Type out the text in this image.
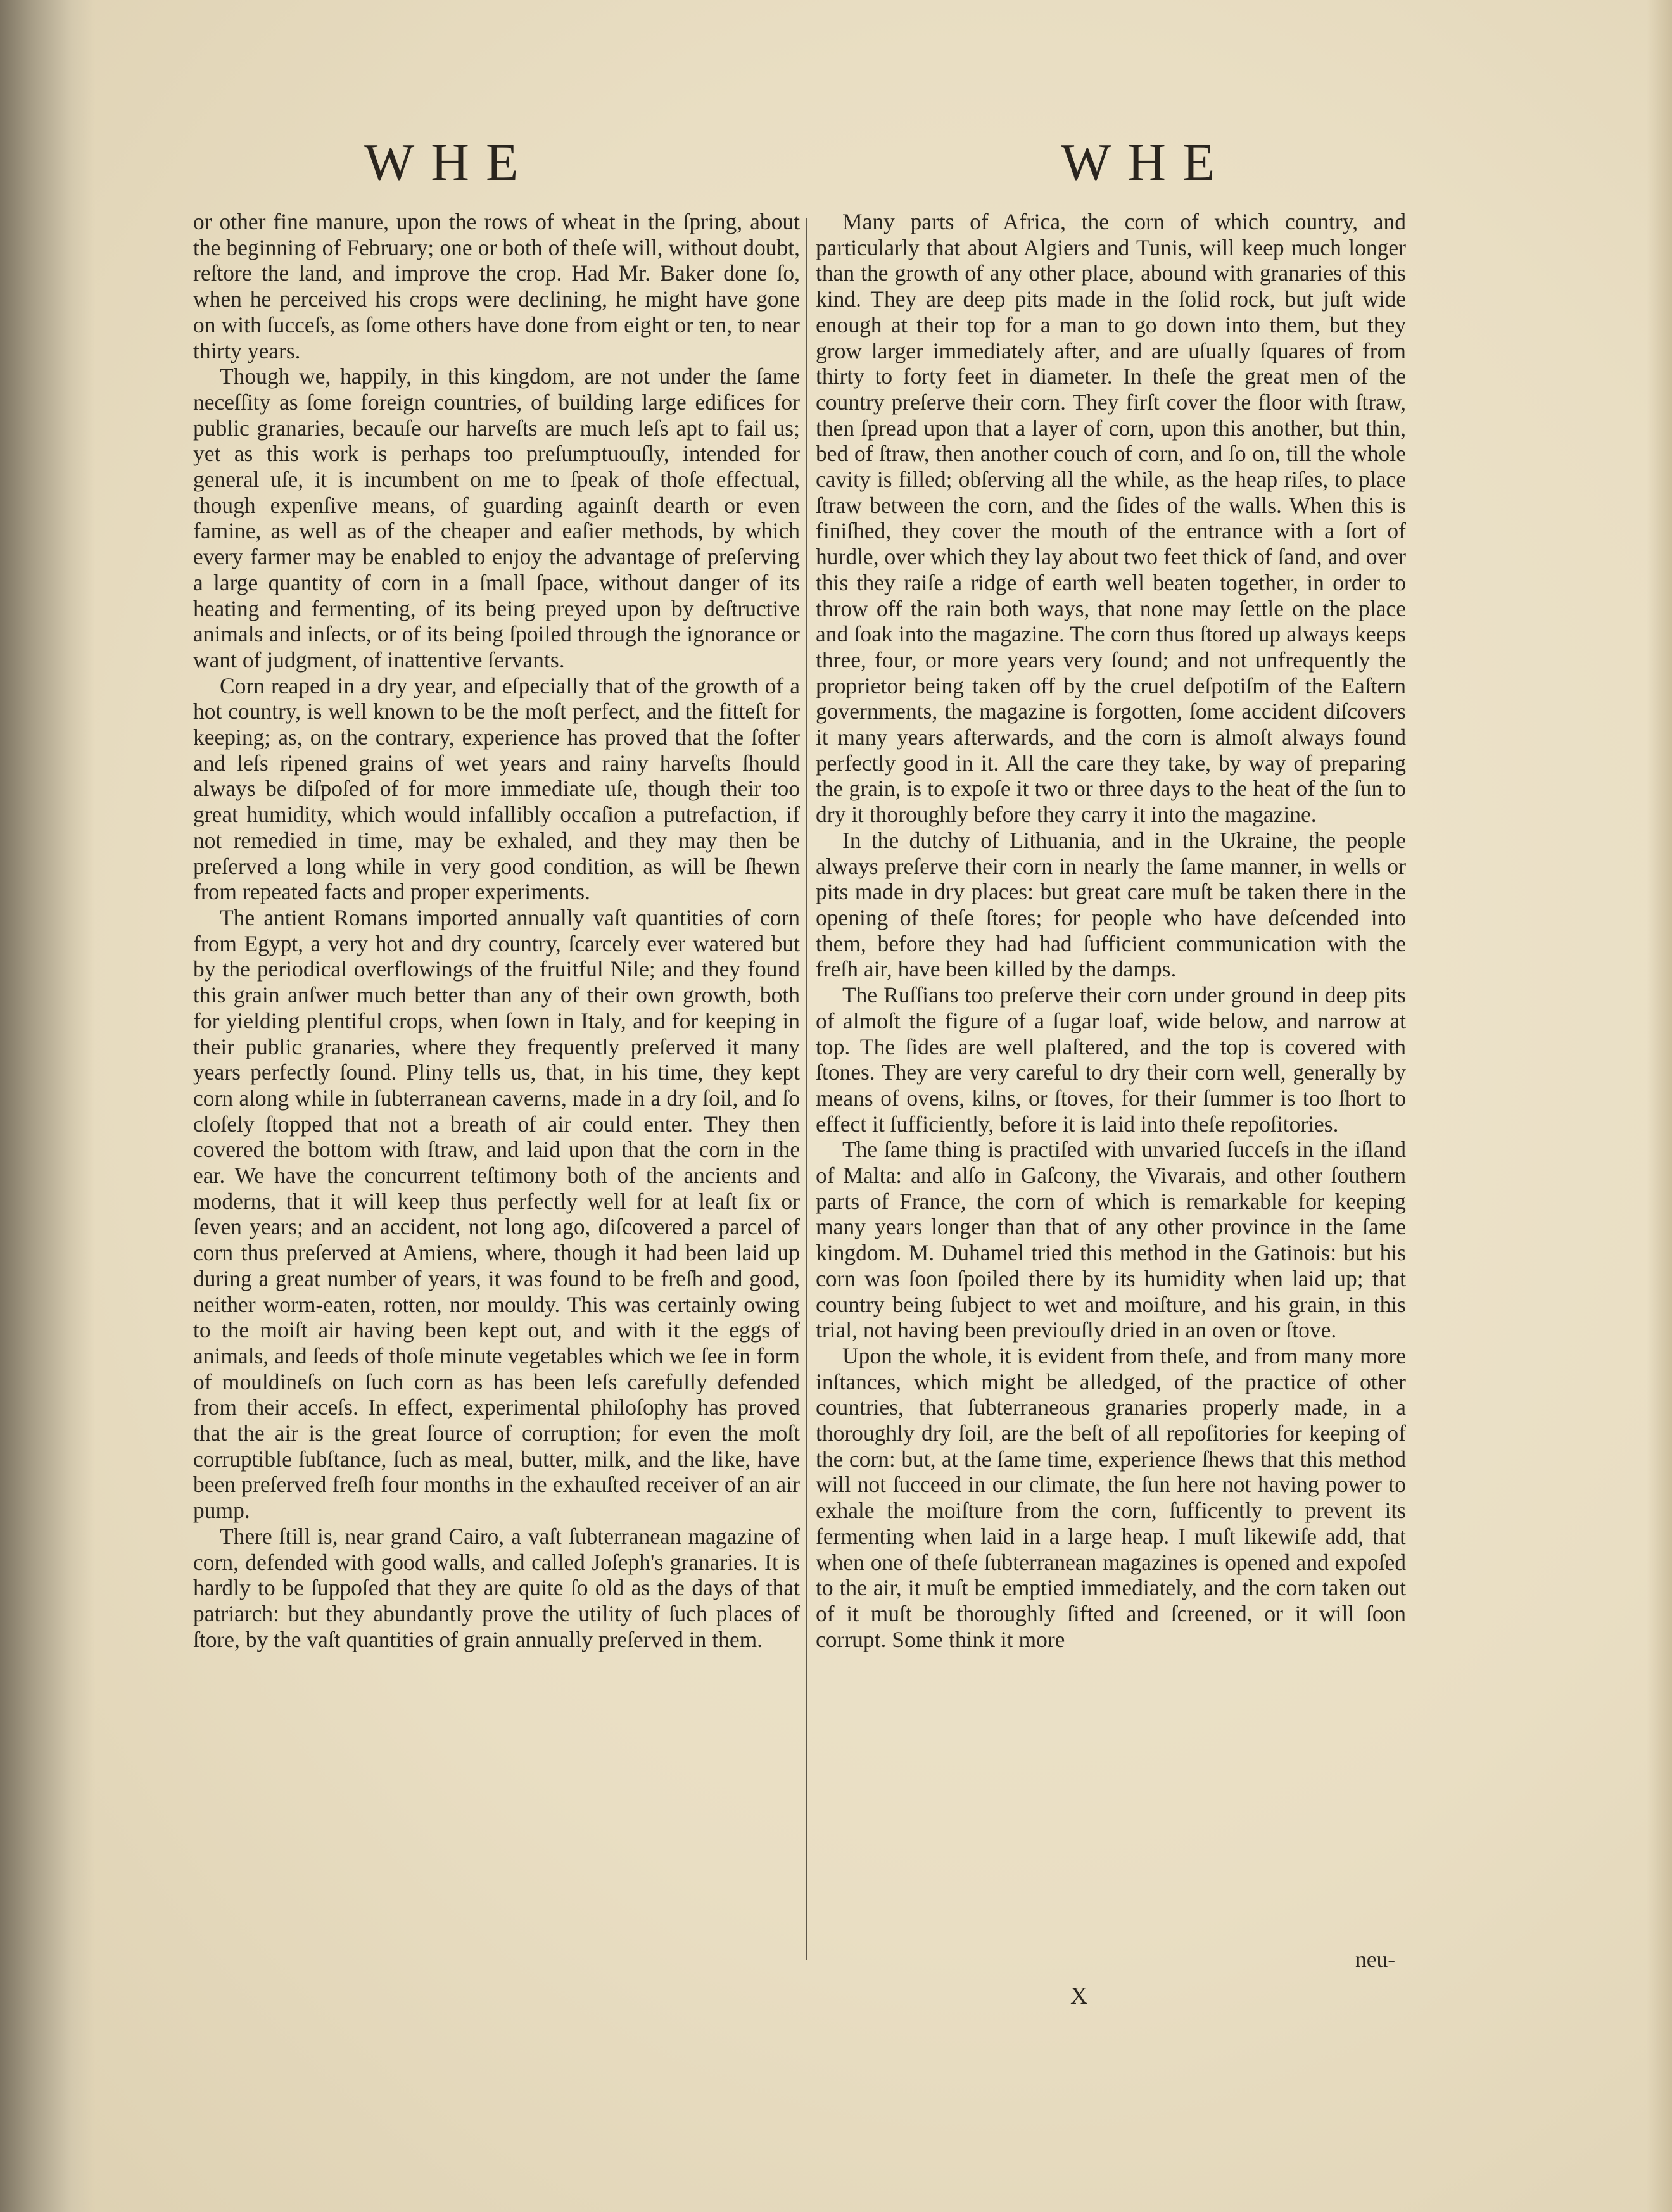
WHE	WHE

or other fine manure, upon the rows of wheat in the ſpring, about the beginning of February; one or both of theſe will, without doubt, reſtore the land, and improve the crop. Had Mr. Baker done ſo, when he perceived his crops were declining, he might have gone on with ſucceſs, as ſome others have done from eight or ten, to near thirty years.

Though we, happily, in this kingdom, are not under the ſame neceſſity as ſome foreign countries, of building large edifices for public granaries, becauſe our harveſts are much leſs apt to fail us; yet as this work is perhaps too preſumptuouſly, intended for general uſe, it is incumbent on me to ſpeak of thoſe effectual, though expenſive means, of guarding againſt dearth or even famine, as well as of the cheaper and eaſier methods, by which every farmer may be enabled to enjoy the advantage of preſerving a large quantity of corn in a ſmall ſpace, without danger of its heating and fermenting, of its being preyed upon by deſtructive animals and inſects, or of its being ſpoiled through the ignorance or want of judgment, of inattentive ſervants.

Corn reaped in a dry year, and eſpecially that of the growth of a hot country, is well known to be the moſt perfect, and the fitteſt for keeping; as, on the contrary, experience has proved that the ſofter and leſs ripened grains of wet years and rainy harveſts ſhould always be diſpoſed of for more immediate uſe, though their too great humidity, which would infallibly occaſion a putrefaction, if not remedied in time, may be exhaled, and they may then be preſerved a long while in very good condition, as will be ſhewn from repeated facts and proper experiments.

The antient Romans imported annually vaſt quantities of corn from Egypt, a very hot and dry country, ſcarcely ever watered but by the periodical overflowings of the fruitful Nile; and they found this grain anſwer much better than any of their own growth, both for yielding plentiful crops, when ſown in Italy, and for keeping in their public granaries, where they frequently preſerved it many years perfectly ſound. Pliny tells us, that, in his time, they kept corn along while in ſubterranean caverns, made in a dry ſoil, and ſo cloſely ſtopped that not a breath of air could enter. They then covered the bottom with ſtraw, and laid upon that the corn in the ear. We have the concurrent teſtimony both of the ancients and moderns, that it will keep thus perfectly well for at leaſt ſix or ſeven years; and an accident, not long ago, diſcovered a parcel of corn thus preſerved at Amiens, where, though it had been laid up during a great number of years, it was found to be freſh and good, neither worm-eaten, rotten, nor mouldy. This was certainly owing to the moiſt air having been kept out, and with it the eggs of animals, and ſeeds of thoſe minute vegetables which we ſee in form of mouldineſs on ſuch corn as has been leſs carefully defended from their acceſs. In effect, experimental philoſophy has proved that the air is the great ſource of corruption; for even the moſt corruptible ſubſtance, ſuch as meal, butter, milk, and the like, have been preſerved freſh four months in the exhauſted receiver of an air pump.

There ſtill is, near grand Cairo, a vaſt ſubterranean magazine of corn, defended with good walls, and called Joſeph's granaries. It is hardly to be ſuppoſed that they are quite ſo old as the days of that patriarch: but they abundantly prove the utility of ſuch places of ſtore, by the vaſt quantities of grain annually preſerved in them.

Many parts of Africa, the corn of which country, and particularly that about Algiers and Tunis, will keep much longer than the growth of any other place, abound with granaries of this kind. They are deep pits made in the ſolid rock, but juſt wide enough at their top for a man to go down into them, but they grow larger immediately after, and are uſually ſquares of from thirty to forty feet in diameter. In theſe the great men of the country preſerve their corn. They firſt cover the floor with ſtraw, then ſpread upon that a layer of corn, upon this another, but thin, bed of ſtraw, then another couch of corn, and ſo on, till the whole cavity is filled; obſerving all the while, as the heap riſes, to place ſtraw between the corn, and the ſides of the walls. When this is finiſhed, they cover the mouth of the entrance with a ſort of hurdle, over which they lay about two feet thick of ſand, and over this they raiſe a ridge of earth well beaten together, in order to throw off the rain both ways, that none may ſettle on the place and ſoak into the magazine. The corn thus ſtored up always keeps three, four, or more years very ſound; and not unfrequently the proprietor being taken off by the cruel deſpotiſm of the Eaſtern governments, the magazine is forgotten, ſome accident diſcovers it many years afterwards, and the corn is almoſt always found perfectly good in it. All the care they take, by way of preparing the grain, is to expoſe it two or three days to the heat of the ſun to dry it thoroughly before they carry it into the magazine.

In the dutchy of Lithuania, and in the Ukraine, the people always preſerve their corn in nearly the ſame manner, in wells or pits made in dry places: but great care muſt be taken there in the opening of theſe ſtores; for people who have deſcended into them, before they had had ſufficient communication with the freſh air, have been killed by the damps.

The Ruſſians too preſerve their corn under ground in deep pits of almoſt the figure of a ſugar loaf, wide below, and narrow at top. The ſides are well plaſtered, and the top is covered with ſtones. They are very careful to dry their corn well, generally by means of ovens, kilns, or ſtoves, for their ſummer is too ſhort to effect it ſufficiently, before it is laid into theſe repoſitories.

The ſame thing is practiſed with unvaried ſucceſs in the iſland of Malta: and alſo in Gaſcony, the Vivarais, and other ſouthern parts of France, the corn of which is remarkable for keeping many years longer than that of any other province in the ſame kingdom. M. Duhamel tried this method in the Gatinois: but his corn was ſoon ſpoiled there by its humidity when laid up; that country being ſubject to wet and moiſture, and his grain, in this trial, not having been previouſly dried in an oven or ſtove.

Upon the whole, it is evident from theſe, and from many more inſtances, which might be alledged, of the practice of other countries, that ſubterraneous granaries properly made, in a thoroughly dry ſoil, are the beſt of all repoſitories for keeping of the corn: but, at the ſame time, experience ſhews that this method will not ſucceed in our climate, the ſun here not having power to exhale the moiſture from the corn, ſufficently to prevent its fermenting when laid in a large heap. I muſt likewiſe add, that when one of theſe ſubterranean magazines is opened and expoſed to the air, it muſt be emptied immediately, and the corn taken out of it muſt be thoroughly ſifted and ſcreened, or it will ſoon corrupt. Some think it more

neu-
X
